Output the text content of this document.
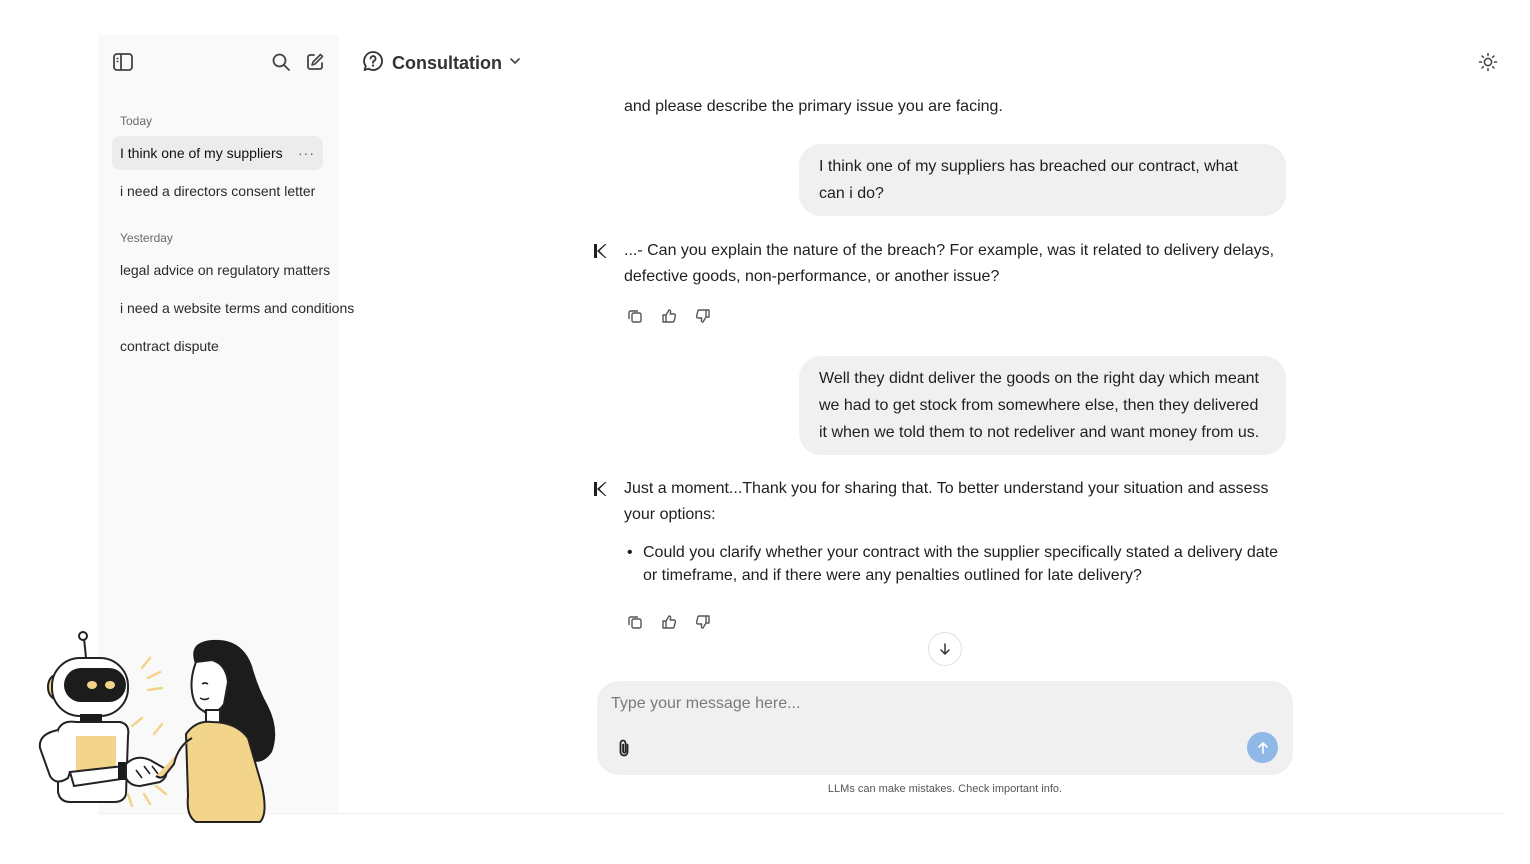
Today
I think one of my suppliers	···
i need a directors consent letter
Yesterday
legal advice on regulatory matters
i need a website terms and conditions
contract dispute
Consultation
and please describe the primary issue you are facing.
I think one of my suppliers has breached our contract, what can i do?
...- Can you explain the nature of the breach? For example, was it related to delivery delays, defective goods, non-performance, or another issue?
Well they didnt deliver the goods on the right day which meant we had to get stock from somewhere else, then they delivered it when we told them to not redeliver and want money from us.
Just a moment...Thank you for sharing that. To better understand your situation and assess your options:
• Could you clarify whether your contract with the supplier specifically stated a delivery date or timeframe, and if there were any penalties outlined for late delivery?
Type your message here...
LLMs can make mistakes. Check important info.
